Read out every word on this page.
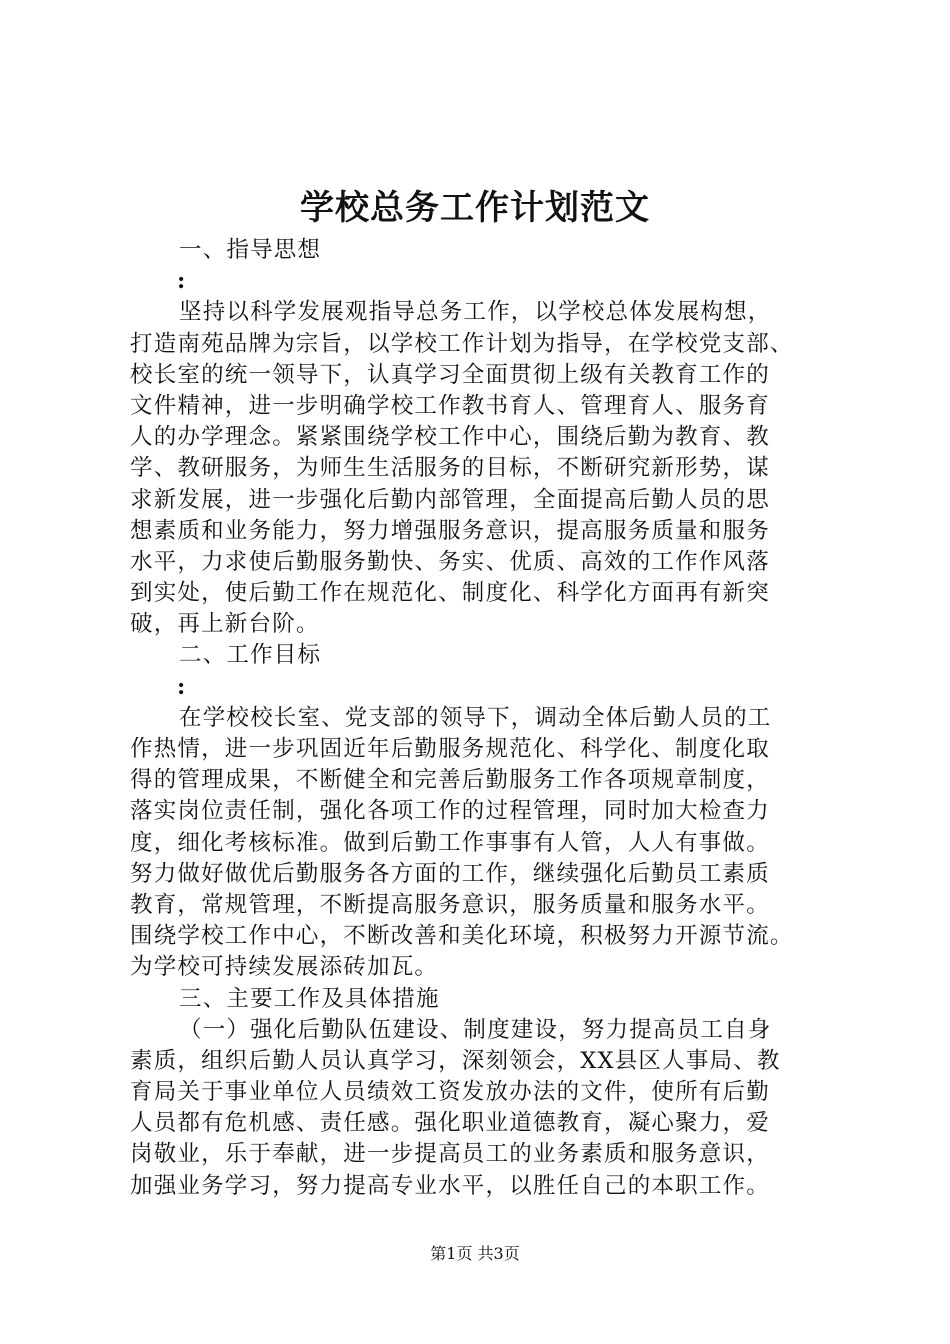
学校总务工作计划范文
一、指导思想
:
坚持以科学发展观指导总务工作，以学校总体发展构想，
打造南苑品牌为宗旨，以学校工作计划为指导，在学校党支部、
校长室的统一领导下，认真学习全面贯彻上级有关教育工作的
文件精神，进一步明确学校工作教书育人、管理育人、服务育
人的办学理念。紧紧围绕学校工作中心，围绕后勤为教育、教
学、教研服务，为师生生活服务的目标，不断研究新形势，谋
求新发展，进一步强化后勤内部管理，全面提高后勤人员的思
想素质和业务能力，努力增强服务意识，提高服务质量和服务
水平，力求使后勤服务勤快、务实、优质、高效的工作作风落
到实处，使后勤工作在规范化、制度化、科学化方面再有新突
破，再上新台阶。
二、工作目标
:
在学校校长室、党支部的领导下，调动全体后勤人员的工
作热情，进一步巩固近年后勤服务规范化、科学化、制度化取
得的管理成果，不断健全和完善后勤服务工作各项规章制度，
落实岗位责任制，强化各项工作的过程管理，同时加大检查力
度，细化考核标准。做到后勤工作事事有人管，人人有事做。
努力做好做优后勤服务各方面的工作，继续强化后勤员工素质
教育，常规管理，不断提高服务意识，服务质量和服务水平。
围绕学校工作中心，不断改善和美化环境，积极努力开源节流。
为学校可持续发展添砖加瓦。
三、主要工作及具体措施
（一）强化后勤队伍建设、制度建设，努力提高员工自身
素质，组织后勤人员认真学习，深刻领会，XX县区人事局、教
育局关于事业单位人员绩效工资发放办法的文件，使所有后勤
人员都有危机感、责任感。强化职业道德教育，凝心聚力，爱
岗敬业，乐于奉献，进一步提高员工的业务素质和服务意识，
加强业务学习，努力提高专业水平，以胜任自己的本职工作。
第1页 共3页
